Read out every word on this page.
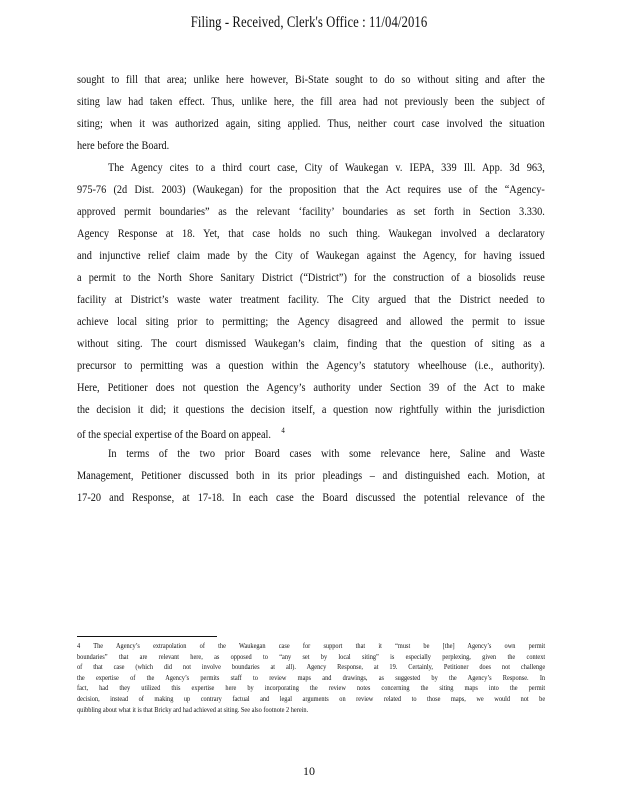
Filing - Received, Clerk's Office : 11/04/2016
sought to fill that area; unlike here however, Bi-State sought to do so without siting and after the
siting law had taken effect. Thus, unlike here, the fill area had not previously been the subject of
siting; when it was authorized again, siting applied. Thus, neither court case involved the situation
here before the Board.
The Agency cites to a third court case, City of Waukegan v. IEPA, 339 Ill. App. 3d 963,
975-76 (2d Dist. 2003) (Waukegan) for the proposition that the Act requires use of the “Agency-
approved permit boundaries” as the relevant ‘facility’ boundaries as set forth in Section 3.330.
Agency Response at 18. Yet, that case holds no such thing. Waukegan involved a declaratory
and injunctive relief claim made by the City of Waukegan against the Agency, for having issued
a permit to the North Shore Sanitary District (“District”) for the construction of a biosolids reuse
facility at District’s waste water treatment facility. The City argued that the District needed to
achieve local siting prior to permitting; the Agency disagreed and allowed the permit to issue
without siting. The court dismissed Waukegan’s claim, finding that the question of siting as a
precursor to permitting was a question within the Agency’s statutory wheelhouse (i.e., authority).
Here, Petitioner does not question the Agency’s authority under Section 39 of the Act to make
the decision it did; it questions the decision itself, a question now rightfully within the jurisdiction
of the special expertise of the Board on appeal. $^4$
In terms of the two prior Board cases with some relevance here, Saline and Waste
Management, Petitioner discussed both in its prior pleadings – and distinguished each. Motion, at
17-20 and Response, at 17-18. In each case the Board discussed the potential relevance of the
4 The Agency’s extrapolation of the Waukegan case for support that it “must be [the] Agency’s own permit
boundaries” that are relevant here, as opposed to “any set by local siting” is especially perplexing, given the context
of that case (which did not involve boundaries at all). Agency Response, at 19. Certainly, Petitioner does not challenge
the expertise of the Agency’s permits staff to review maps and drawings, as suggested by the Agency’s Response. In
fact, had they utilized this expertise here by incorporating the review notes concerning the siting maps into the permit
decision, instead of making up contrary factual and legal arguments on review related to those maps, we would not be
quibbling about what it is that Bricky ard had achieved at siting. See also footnote 2 herein.
10
